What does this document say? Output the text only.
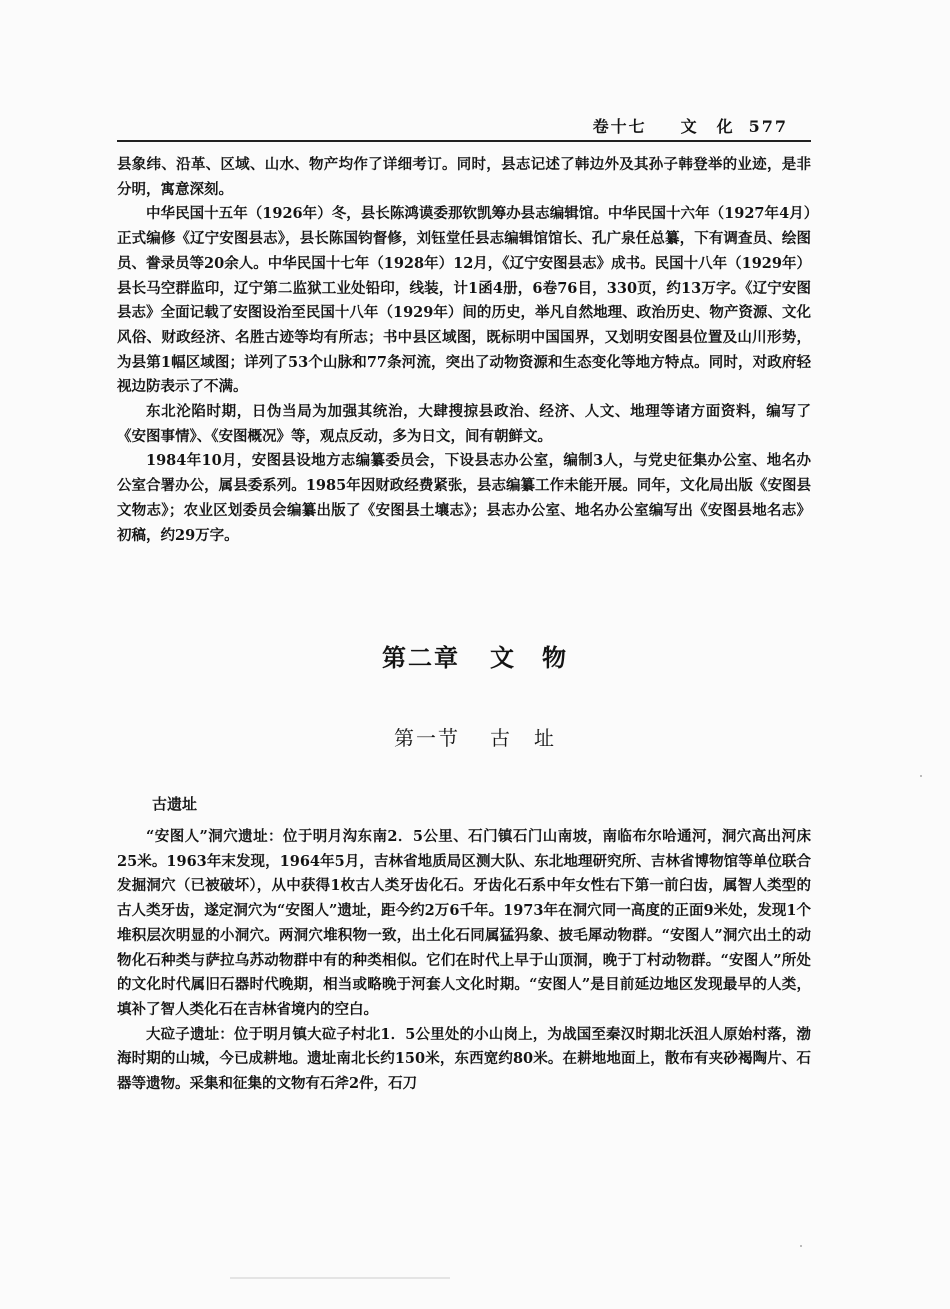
卷十七 文　化 577

县象纬、沿革、区域、山水、物产均作了详细考订。同时，县志记述了韩边外及其孙子韩登举的业迹，是非分明，寓意深刻。

中华民国十五年（1926年）冬，县长陈鸿谟委那钦凯筹办县志编辑馆。中华民国十六年（1927年4月）正式编修《辽宁安图县志》，县长陈国钧督修，刘钰堂任县志编辑馆馆长、孔广泉任总纂，下有调查员、绘图员、誊录员等20余人。中华民国十七年（1928年）12月，《辽宁安图县志》成书。民国十八年（1929年）县长马空群监印，辽宁第二监狱工业处铅印，线装，计1函4册，6卷76目，330页，约13万字。《辽宁安图县志》全面记载了安图设治至民国十八年（1929年）间的历史，举凡自然地理、政治历史、物产资源、文化风俗、财政经济、名胜古迹等均有所志；书中县区域图，既标明中国国界，又划明安图县位置及山川形势，为县第1幅区域图；详列了53个山脉和77条河流，突出了动物资源和生态变化等地方特点。同时，对政府轻视边防表示了不满。

东北沦陷时期，日伪当局为加强其统治，大肆搜掠县政治、经济、人文、地理等诸方面资料，编写了《安图事情》、《安图概况》等，观点反动，多为日文，间有朝鲜文。

1984年10月，安图县设地方志编纂委员会，下设县志办公室，编制3人，与党史征集办公室、地名办公室合署办公，属县委系列。1985年因财政经费紧张，县志编纂工作未能开展。同年，文化局出版《安图县文物志》；农业区划委员会编纂出版了《安图县土壤志》；县志办公室、地名办公室编写出《安图县地名志》初稿，约29万字。

第二章 文　物
第一节 古　址
古遗址

“安图人”洞穴遗址：位于明月沟东南2．5公里、石门镇石门山南坡，南临布尔哈通河，洞穴高出河床25米。1963年末发现，1964年5月，吉林省地质局区测大队、东北地理研究所、吉林省博物馆等单位联合发掘洞穴（已被破坏），从中获得1枚古人类牙齿化石。牙齿化石系中年女性右下第一前臼齿，属智人类型的古人类牙齿，遂定洞穴为“安图人”遗址，距今约2万6千年。1973年在洞穴同一高度的正面9米处，发现1个堆积层次明显的小洞穴。两洞穴堆积物一致，出土化石同属猛犸象、披毛犀动物群。“安图人”洞穴出土的动物化石种类与萨拉乌苏动物群中有的种类相似。它们在时代上早于山顶洞，晚于丁村动物群。“安图人”所处的文化时代属旧石器时代晚期，相当或略晚于河套人文化时期。“安图人”是目前延边地区发现最早的人类，填补了智人类化石在吉林省境内的空白。

大砬子遗址：位于明月镇大砬子村北1．5公里处的小山岗上，为战国至秦汉时期北沃沮人原始村落，渤海时期的山城，今已成耕地。遗址南北长约150米，东西宽约80米。在耕地地面上，散布有夹砂褐陶片、石器等遗物。采集和征集的文物有石斧2件，石刀
